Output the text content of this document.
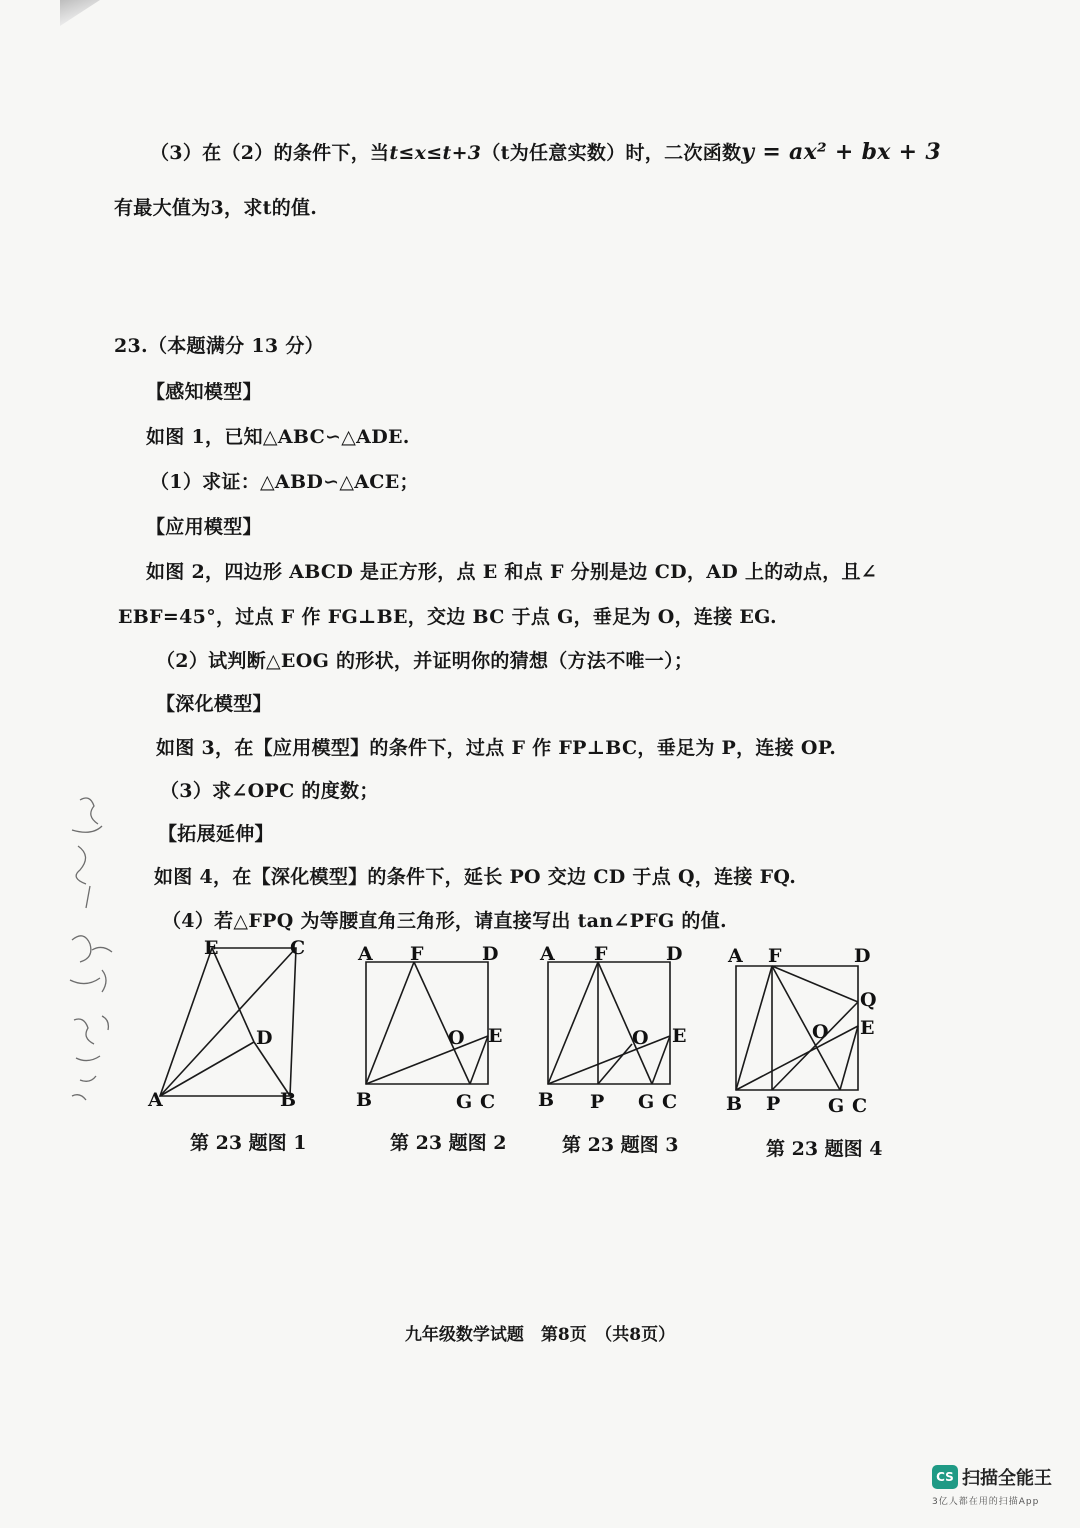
（3）在（2）的条件下，当t≤x≤t+3（t为任意实数）时，二次函数y = ax² + bx + 3
有最大值为3，求t的值.
23.（本题满分 13 分）
【感知模型】
如图 1，已知△ABC∽△ADE.
（1）求证：△ABD∽△ACE；
【应用模型】
如图 2，四边形 ABCD 是正方形，点 E 和点 F 分别是边 CD，AD 上的动点，且∠
EBF=45°，过点 F 作 FG⊥BE，交边 BC 于点 G，垂足为 O，连接 EG.
（2）试判断△EOG 的形状，并证明你的猜想（方法不唯一）；
【深化模型】
如图 3，在【应用模型】的条件下，过点 F 作 FP⊥BC，垂足为 P，连接 OP.
（3）求∠OPC 的度数；
【拓展延伸】
如图 4，在【深化模型】的条件下，延长 PO 交边 CD 于点 Q，连接 FQ.
（4）若△FPQ 为等腰直角三角形，请直接写出 tan∠PFG 的值.
E	C
D
A	B
第 23 题图 1
A F	D
O E
B	G C
第 23 题图 2
A F	D
O E
B P G C
第 23 题图 3
A F	D
Q
O E
B P	G C
第 23 题图 4
九年级数学试题　第8页　（共8页）
CS 扫描全能王
3亿人都在用的扫描App
